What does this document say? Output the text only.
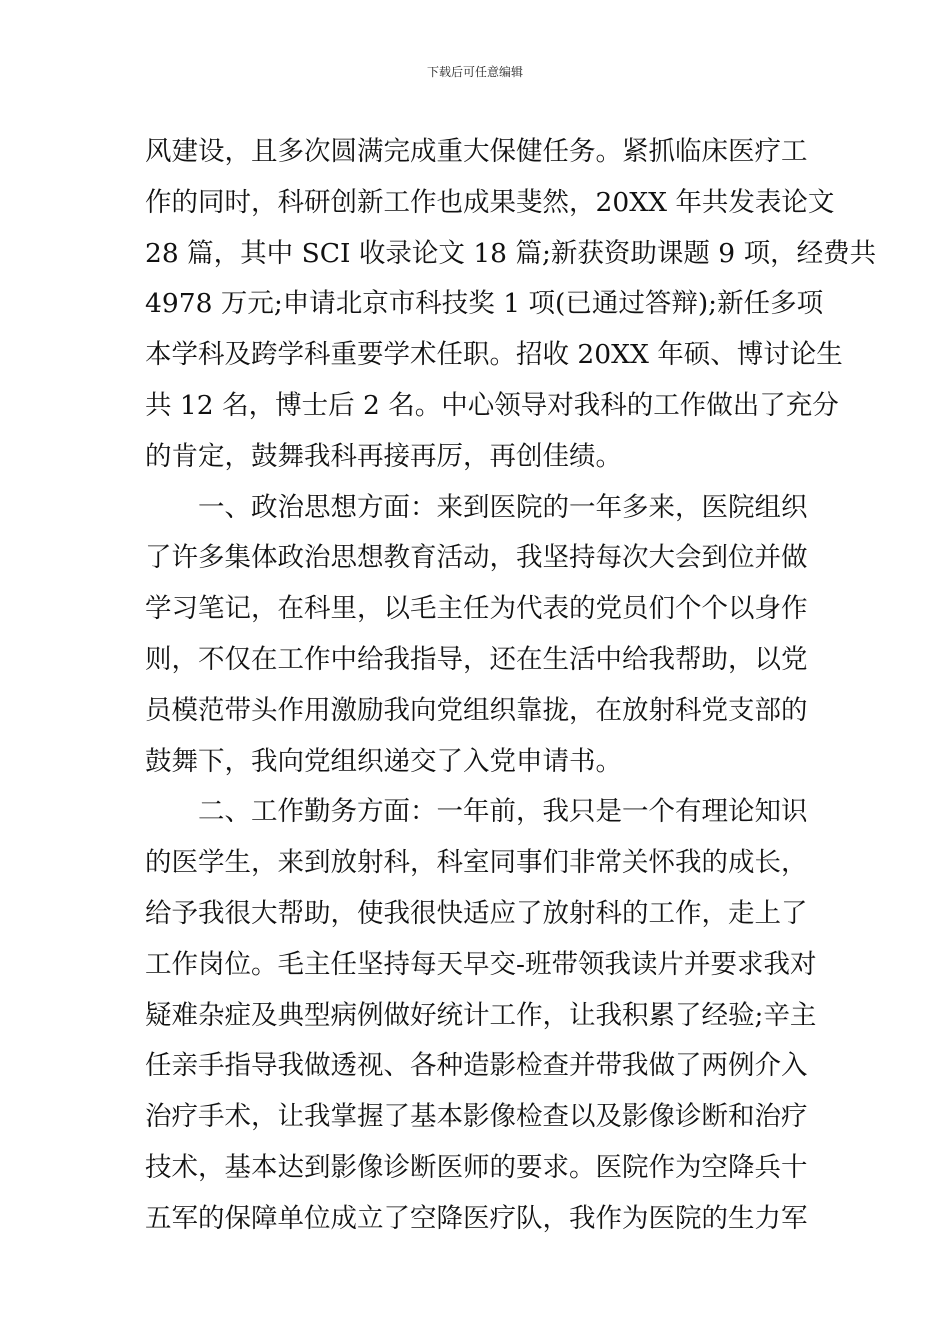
下载后可任意编辑
风建设，且多次圆满完成重大保健任务。紧抓临床医疗工
作的同时，科研创新工作也成果斐然，20XX 年共发表论文
28 篇，其中 SCI 收录论文 18 篇;新获资助课题 9 项，经费共
4978 万元;申请北京市科技奖 1 项(已通过答辩);新任多项
本学科及跨学科重要学术任职。招收 20XX 年硕、博讨论生
共 12 名，博士后 2 名。中心领导对我科的工作做出了充分
的肯定，鼓舞我科再接再厉，再创佳绩。
　　一、政治思想方面：来到医院的一年多来，医院组织
了许多集体政治思想教育活动，我坚持每次大会到位并做
学习笔记，在科里，以毛主任为代表的党员们个个以身作
则，不仅在工作中给我指导，还在生活中给我帮助，以党
员模范带头作用激励我向党组织靠拢，在放射科党支部的
鼓舞下，我向党组织递交了入党申请书。
　　二、工作勤务方面：一年前，我只是一个有理论知识
的医学生，来到放射科，科室同事们非常关怀我的成长，
给予我很大帮助，使我很快适应了放射科的工作，走上了
工作岗位。毛主任坚持每天早交-班带领我读片并要求我对
疑难杂症及典型病例做好统计工作，让我积累了经验;辛主
任亲手指导我做透视、各种造影检查并带我做了两例介入
治疗手术，让我掌握了基本影像检查以及影像诊断和治疗
技术，基本达到影像诊断医师的要求。医院作为空降兵十
五军的保障单位成立了空降医疗队，我作为医院的生力军
